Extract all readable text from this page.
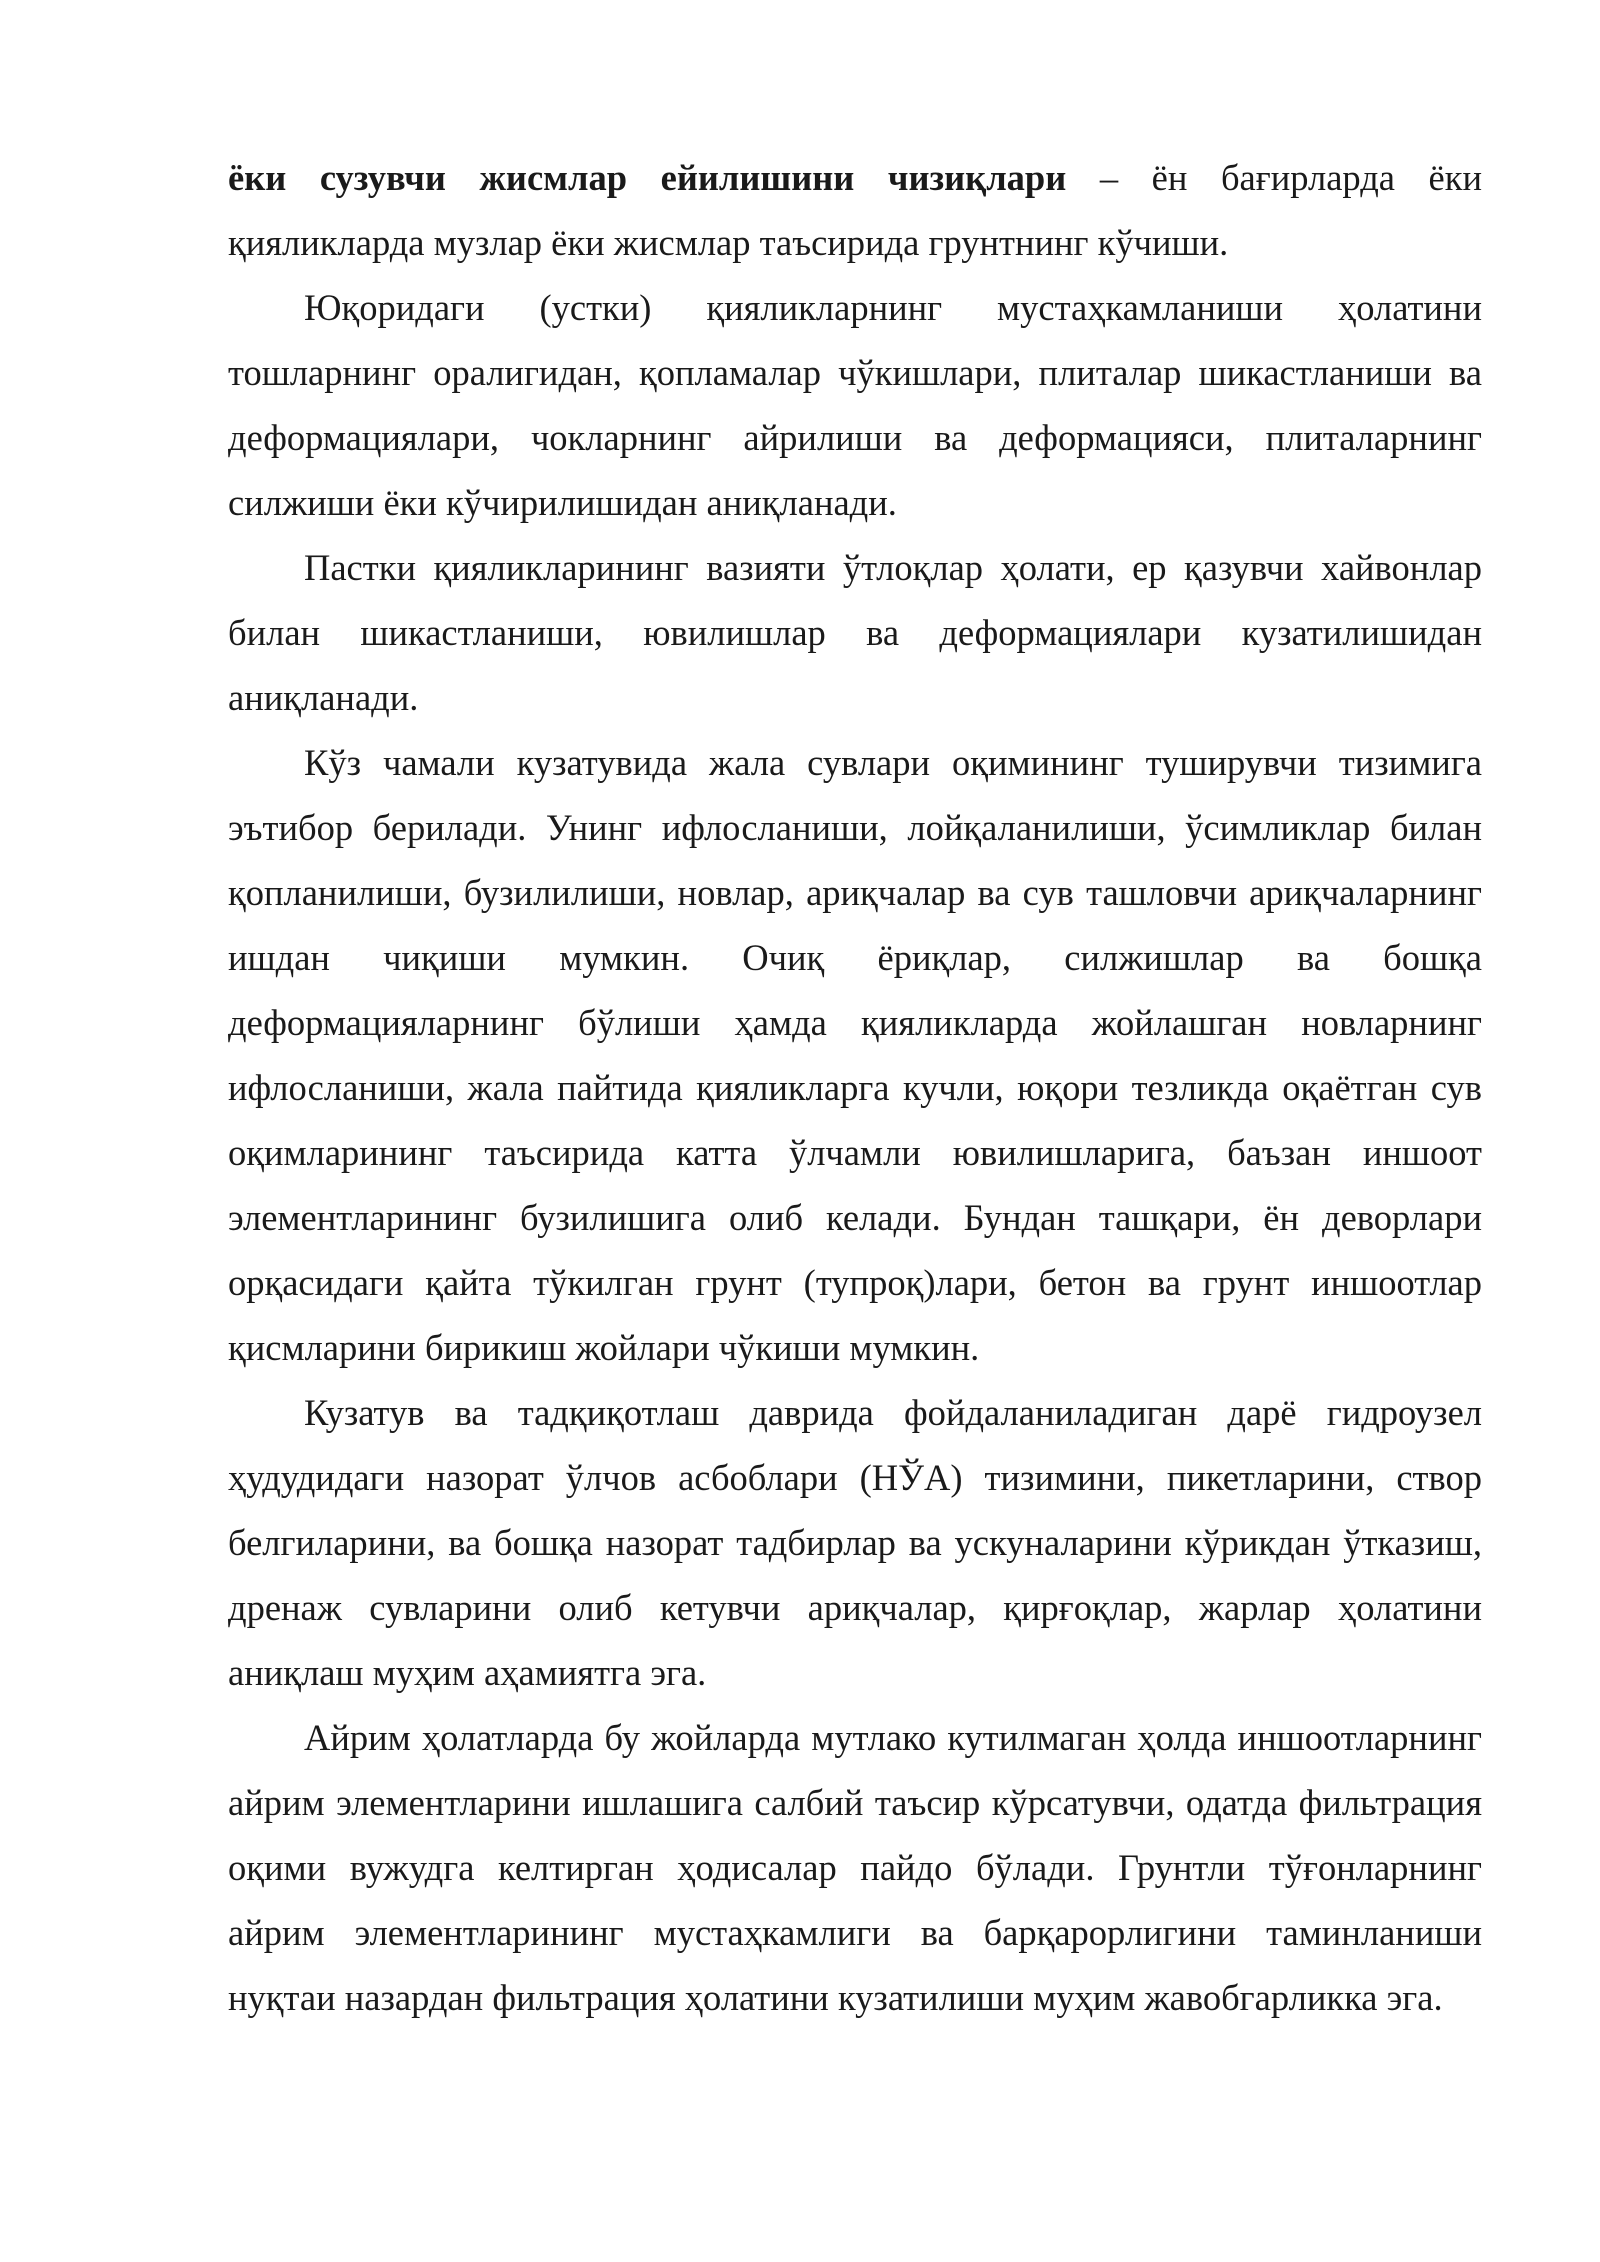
ёки сузувчи жисмлар ейилишини чизиқлари – ён бағирларда ёки қияликларда музлар ёки жисмлар таъсирида грунтнинг кўчиши.

Юқоридаги (устки) қияликларнинг мустаҳкамланиши ҳолатини тошларнинг оралигидан, қопламалар чўкишлари, плиталар шикастланиши ва деформациялари, чокларнинг айрилиши ва деформацияси, плиталарнинг силжиши ёки кўчирилишидан аниқланади.

Пастки қияликларининг вазияти ўтлоқлар ҳолати, ер қазувчи хайвонлар билан шикастланиши, ювилишлар ва деформациялари кузатилишидан аниқланади.

Кўз чамали кузатувида жала сувлари оқимининг туширувчи тизимига эътибор берилади. Унинг ифлосланиши, лойқаланилиши, ўсимликлар билан қопланилиши, бузилилиши, новлар, ариқчалар ва сув ташловчи ариқчаларнинг ишдан чиқиши мумкин. Очиқ ёриқлар, силжишлар ва бошқа деформацияларнинг бўлиши ҳамда қияликларда жойлашган новларнинг ифлосланиши, жала пайтида қияликларга кучли, юқори тезликда оқаётган сув оқимларининг таъсирида катта ўлчамли ювилишларига, баъзан иншоот элементларининг бузилишига олиб келади. Бундан ташқари, ён деворлари орқасидаги қайта тўкилган грунт (тупроқ)лари, бетон ва грунт иншоотлар қисмларини бирикиш жойлари чўкиши мумкин.

Кузатув ва тадқиқотлаш даврида фойдаланиладиган дарё гидроузел ҳудудидаги назорат ўлчов асбоблари (НЎА) тизимини, пикетларини, створ белгиларини, ва бошқа назорат тадбирлар ва ускуналарини кўрикдан ўтказиш, дренаж сувларини олиб кетувчи ариқчалар, қирғоқлар, жарлар ҳолатини аниқлаш муҳим аҳамиятга эга.

Айрим ҳолатларда бу жойларда мутлако кутилмаган ҳолда иншоотларнинг айрим элементларини ишлашига салбий таъсир кўрсатувчи, одатда фильтрация оқими вужудга келтирган ҳодисалар пайдо бўлади. Грунтли тўғонларнинг айрим элементларининг мустаҳкамлиги ва барқарорлигини таминланиши нуқтаи назардан фильтрация ҳолатини кузатилиши муҳим жавобгарликка эга.
